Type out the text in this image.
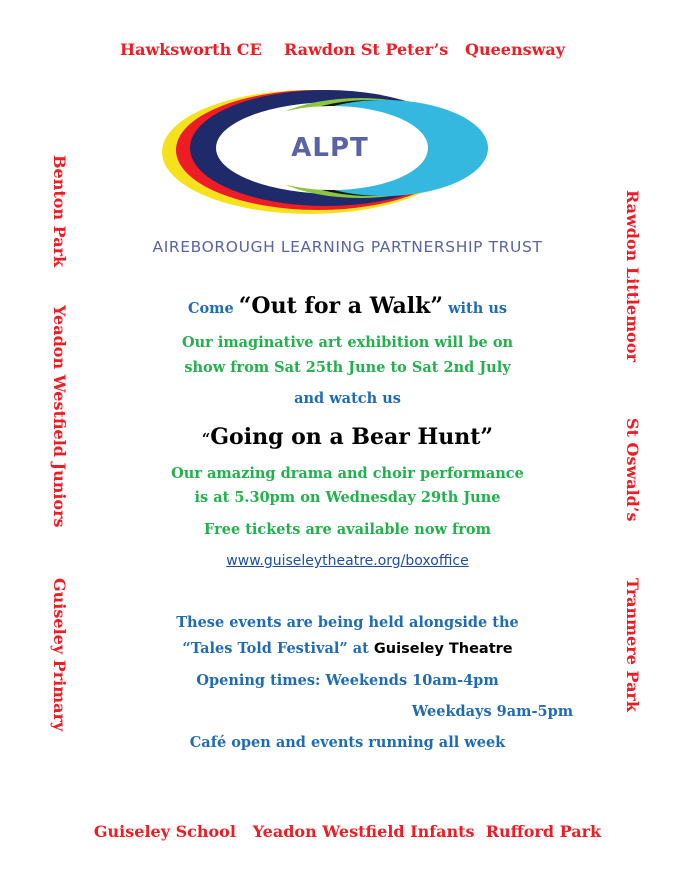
Hawksworth CE    Rawdon St Peter’s   Queensway
Benton Park
Yeadon Westfield Juniors
Guiseley Primary
Rawdon Littlemoor
St Oswald’s
Tranmere Park
ALPT
AIREBOROUGH LEARNING PARTNERSHIP TRUST
Come “Out for a Walk” with us
Our imaginative art exhibition will be on
show from Sat 25th June to Sat 2nd July
and watch us
“Going on a Bear Hunt”
Our amazing drama and choir performance
is at 5.30pm on Wednesday 29th June
Free tickets are available now from
www.guiseleytheatre.org/boxoffice
These events are being held alongside the
“Tales Told Festival” at Guiseley Theatre
Opening times: Weekends 10am-4pm
Weekdays 9am-5pm
Café open and events running all week
Guiseley School   Yeadon Westfield Infants  Rufford Park
